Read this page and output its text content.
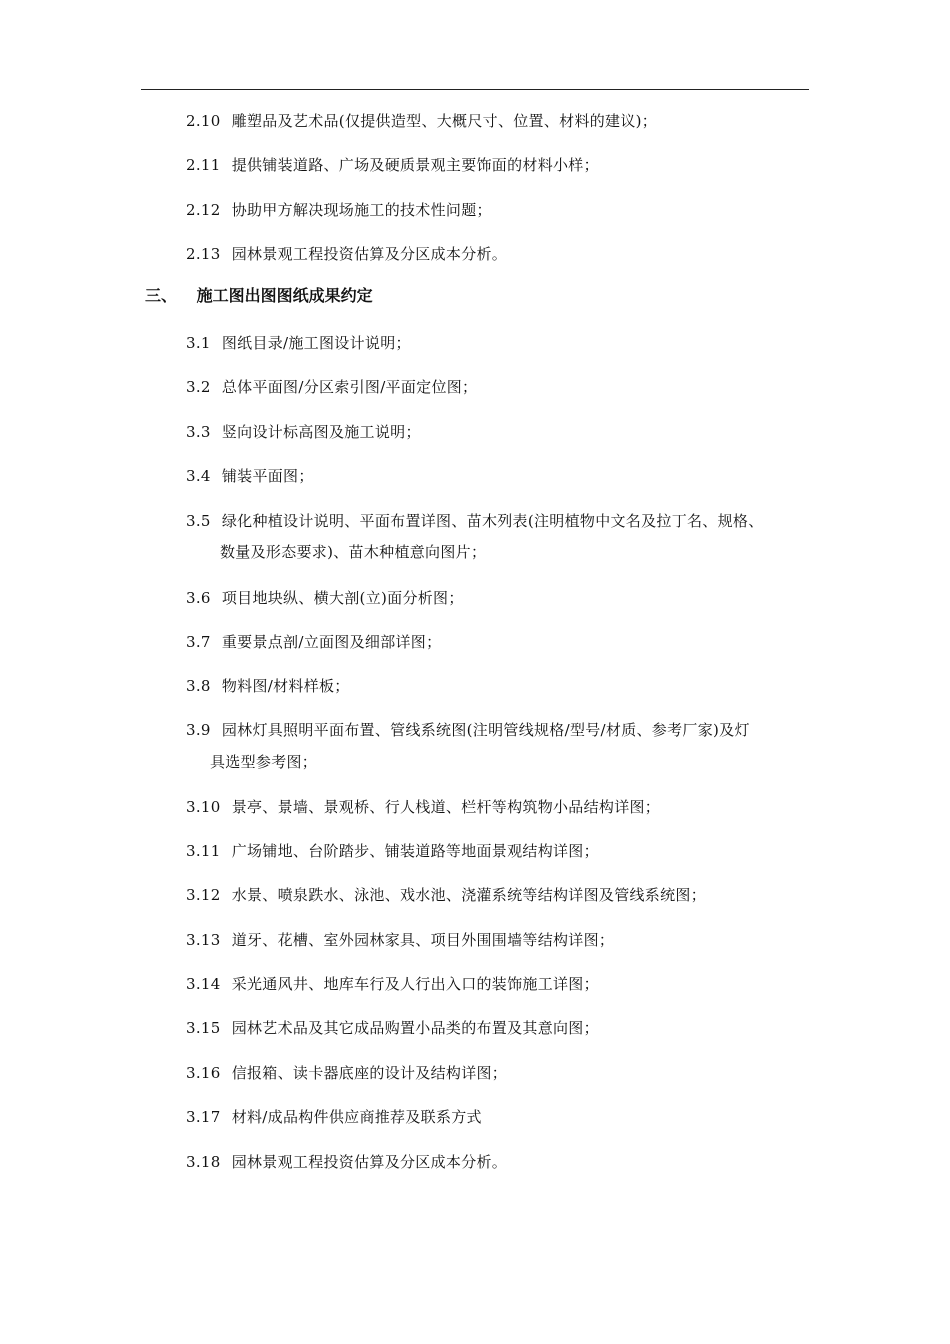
2.10 雕塑品及艺术品(仅提供造型、大概尺寸、位置、材料的建议)；
2.11 提供铺装道路、广场及硬质景观主要饰面的材料小样；
2.12 协助甲方解决现场施工的技术性问题；
2.13 园林景观工程投资估算及分区成本分析。
三、 施工图出图图纸成果约定
3.1 图纸目录/施工图设计说明；
3.2 总体平面图/分区索引图/平面定位图；
3.3 竖向设计标高图及施工说明；
3.4 铺装平面图；
3.5 绿化种植设计说明、平面布置详图、苗木列表(注明植物中文名及拉丁名、规格、
数量及形态要求)、苗木种植意向图片；
3.6 项目地块纵、横大剖(立)面分析图；
3.7 重要景点剖/立面图及细部详图；
3.8 物料图/材料样板；
3.9 园林灯具照明平面布置、管线系统图(注明管线规格/型号/材质、参考厂家)及灯
具选型参考图；
3.10 景亭、景墙、景观桥、行人栈道、栏杆等构筑物小品结构详图；
3.11 广场铺地、台阶踏步、铺装道路等地面景观结构详图；
3.12 水景、喷泉跌水、泳池、戏水池、浇灌系统等结构详图及管线系统图；
3.13 道牙、花槽、室外园林家具、项目外围围墙等结构详图；
3.14 采光通风井、地库车行及人行出入口的装饰施工详图；
3.15 园林艺术品及其它成品购置小品类的布置及其意向图；
3.16 信报箱、读卡器底座的设计及结构详图；
3.17 材料/成品构件供应商推荐及联系方式
3.18 园林景观工程投资估算及分区成本分析。
